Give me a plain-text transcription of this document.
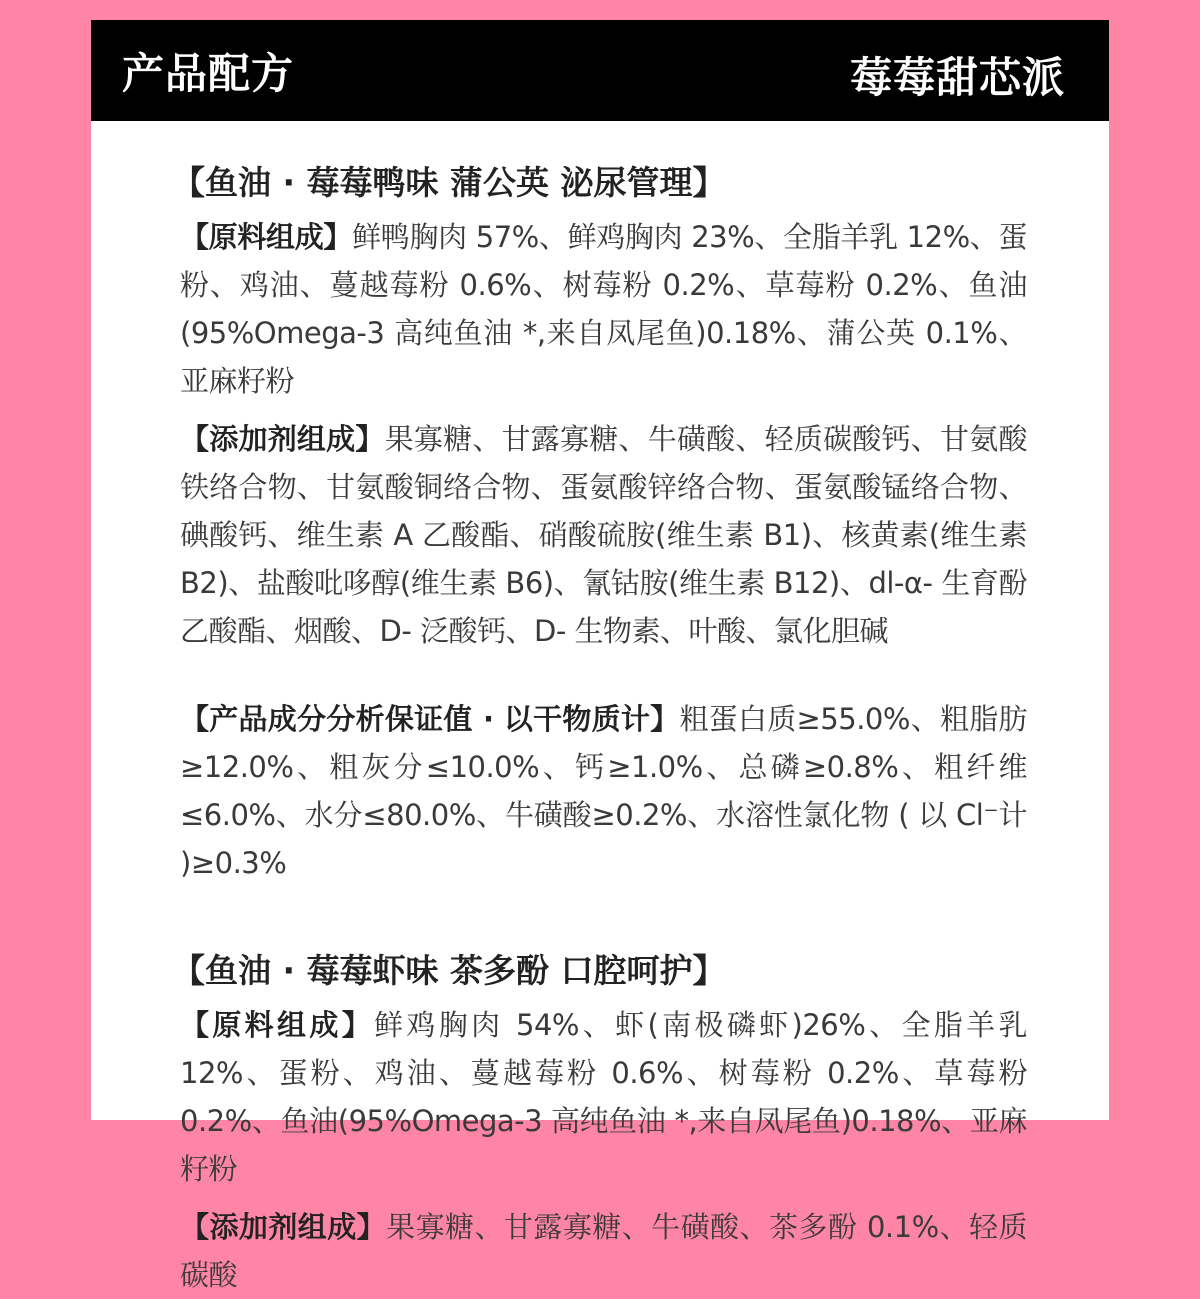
产品配方	莓莓甜芯派
【鱼油 · 莓莓鸭味 蒲公英 泌尿管理】

【原料组成】鲜鸭胸肉 57%、鲜鸡胸肉 23%、全脂羊乳 12%、蛋粉、鸡油、蔓越莓粉 0.6%、树莓粉 0.2%、草莓粉 0.2%、鱼油(95%Omega-3 高纯鱼油 *,来自凤尾鱼)0.18%、蒲公英 0.1%、亚麻籽粉

【添加剂组成】果寡糖、甘露寡糖、牛磺酸、轻质碳酸钙、甘氨酸铁络合物、甘氨酸铜络合物、蛋氨酸锌络合物、蛋氨酸锰络合物、碘酸钙、维生素 A 乙酸酯、硝酸硫胺(维生素 B1)、核黄素(维生素 B2)、盐酸吡哆醇(维生素 B6)、氰钴胺(维生素 B12)、dl-α- 生育酚乙酸酯、烟酸、D- 泛酸钙、D- 生物素、叶酸、氯化胆碱

【产品成分分析保证值 · 以干物质计】粗蛋白质≥55.0%、粗脂肪≥12.0%、粗灰分≤10.0%、钙≥1.0%、总磷≥0.8%、粗纤维≤6.0%、水分≤80.0%、牛磺酸≥0.2%、水溶性氯化物 ( 以 Cl⁻计 )≥0.3%

【鱼油 · 莓莓虾味 茶多酚 口腔呵护】

【原料组成】鲜鸡胸肉 54%、虾(南极磷虾)26%、全脂羊乳 12%、蛋粉、鸡油、蔓越莓粉 0.6%、树莓粉 0.2%、草莓粉 0.2%、鱼油(95%Omega-3 高纯鱼油 *,来自凤尾鱼)0.18%、亚麻籽粉

【添加剂组成】果寡糖、甘露寡糖、牛磺酸、茶多酚 0.1%、轻质碳酸
